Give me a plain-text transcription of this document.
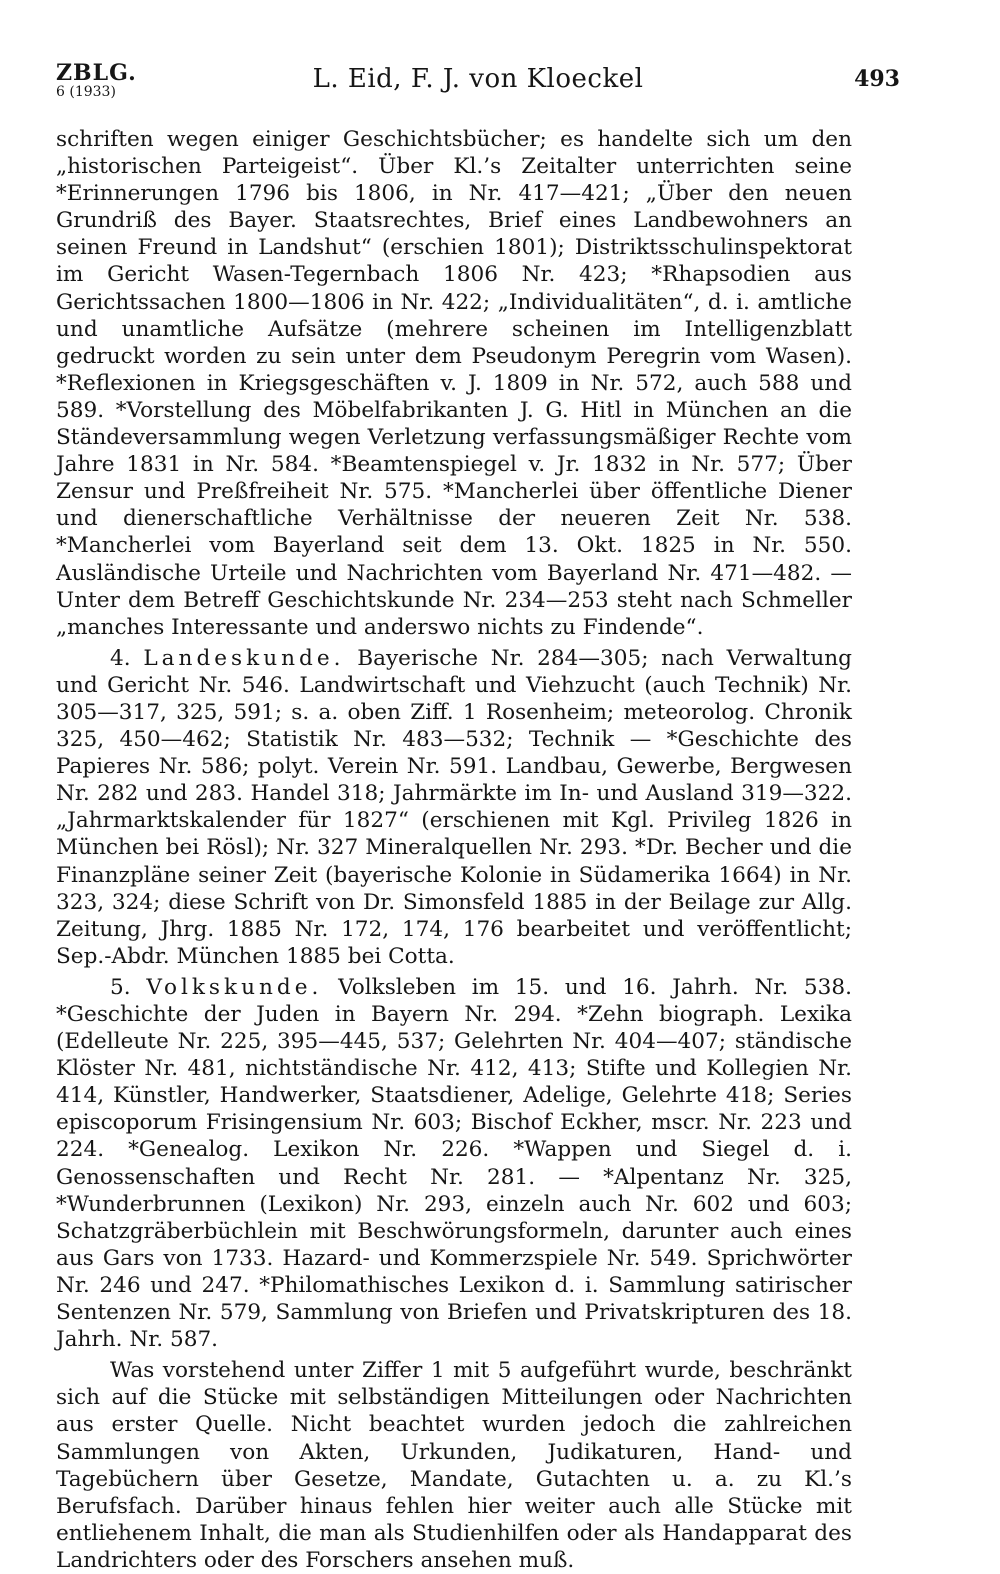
ZBLG.
6 (1933)	L. Eid, F. J. von Kloeckel	493

schriften wegen einiger Geschichtsbücher; es handelte sich um den „historischen Parteigeist“. Über Kl.’s Zeitalter unterrichten seine *Erinnerungen 1796 bis 1806, in Nr. 417—421; „Über den neuen Grundriß des Bayer. Staatsrechtes, Brief eines Landbewohners an seinen Freund in Landshut“ (erschien 1801); Distriktsschulinspektorat im Gericht Wasen-Tegernbach 1806 Nr. 423; *Rhapsodien aus Gerichtssachen 1800—1806 in Nr. 422; „Individualitäten“, d. i. amtliche und unamtliche Aufsätze (mehrere scheinen im Intelligenzblatt gedruckt worden zu sein unter dem Pseudonym Peregrin vom Wasen). *Reflexionen in Kriegsgeschäften v. J. 1809 in Nr. 572, auch 588 und 589. *Vorstellung des Möbelfabrikanten J. G. Hitl in München an die Ständeversammlung wegen Verletzung verfassungsmäßiger Rechte vom Jahre 1831 in Nr. 584. *Beamtenspiegel v. Jr. 1832 in Nr. 577; Über Zensur und Preßfreiheit Nr. 575. *Mancherlei über öffentliche Diener und dienerschaftliche Verhältnisse der neueren Zeit Nr. 538. *Mancherlei vom Bayerland seit dem 13. Okt. 1825 in Nr. 550. Ausländische Urteile und Nachrichten vom Bayerland Nr. 471—482. — Unter dem Betreff Geschichtskunde Nr. 234—253 steht nach Schmeller „manches Interessante und anderswo nichts zu Findende“.

4. Landeskunde. Bayerische Nr. 284—305; nach Verwaltung und Gericht Nr. 546. Landwirtschaft und Viehzucht (auch Technik) Nr. 305—317, 325, 591; s. a. oben Ziff. 1 Rosenheim; meteorolog. Chronik 325, 450—462; Statistik Nr. 483—532; Technik — *Geschichte des Papieres Nr. 586; polyt. Verein Nr. 591. Landbau, Gewerbe, Bergwesen Nr. 282 und 283. Handel 318; Jahrmärkte im In- und Ausland 319—322. „Jahrmarktskalender für 1827“ (erschienen mit Kgl. Privileg 1826 in München bei Rösl); Nr. 327 Mineralquellen Nr. 293. *Dr. Becher und die Finanzpläne seiner Zeit (bayerische Kolonie in Südamerika 1664) in Nr. 323, 324; diese Schrift von Dr. Simonsfeld 1885 in der Beilage zur Allg. Zeitung, Jhrg. 1885 Nr. 172, 174, 176 bearbeitet und veröffentlicht; Sep.-Abdr. München 1885 bei Cotta.

5. Volkskunde. Volksleben im 15. und 16. Jahrh. Nr. 538. *Geschichte der Juden in Bayern Nr. 294. *Zehn biograph. Lexika (Edelleute Nr. 225, 395—445, 537; Gelehrten Nr. 404—407; ständische Klöster Nr. 481, nichtständische Nr. 412, 413; Stifte und Kollegien Nr. 414, Künstler, Handwerker, Staatsdiener, Adelige, Gelehrte 418; Series episcoporum Frisingensium Nr. 603; Bischof Eckher, mscr. Nr. 223 und 224. *Genealog. Lexikon Nr. 226. *Wappen und Siegel d. i. Genossenschaften und Recht Nr. 281. — *Alpentanz Nr. 325, *Wunderbrunnen (Lexikon) Nr. 293, einzeln auch Nr. 602 und 603; Schatzgräberbüchlein mit Beschwörungsformeln, darunter auch eines aus Gars von 1733. Hazard- und Kommerzspiele Nr. 549. Sprichwörter Nr. 246 und 247. *Philomathisches Lexikon d. i. Sammlung satirischer Sentenzen Nr. 579, Sammlung von Briefen und Privatskripturen des 18. Jahrh. Nr. 587.

Was vorstehend unter Ziffer 1 mit 5 aufgeführt wurde, beschränkt sich auf die Stücke mit selbständigen Mitteilungen oder Nachrichten aus erster Quelle. Nicht beachtet wurden jedoch die zahlreichen Sammlungen von Akten, Urkunden, Judikaturen, Hand- und Tagebüchern über Gesetze, Mandate, Gutachten u. a. zu Kl.’s Berufsfach. Darüber hinaus fehlen hier weiter auch alle Stücke mit entliehenem Inhalt, die man als Studienhilfen oder als Handapparat des Landrichters oder des Forschers ansehen muß.
